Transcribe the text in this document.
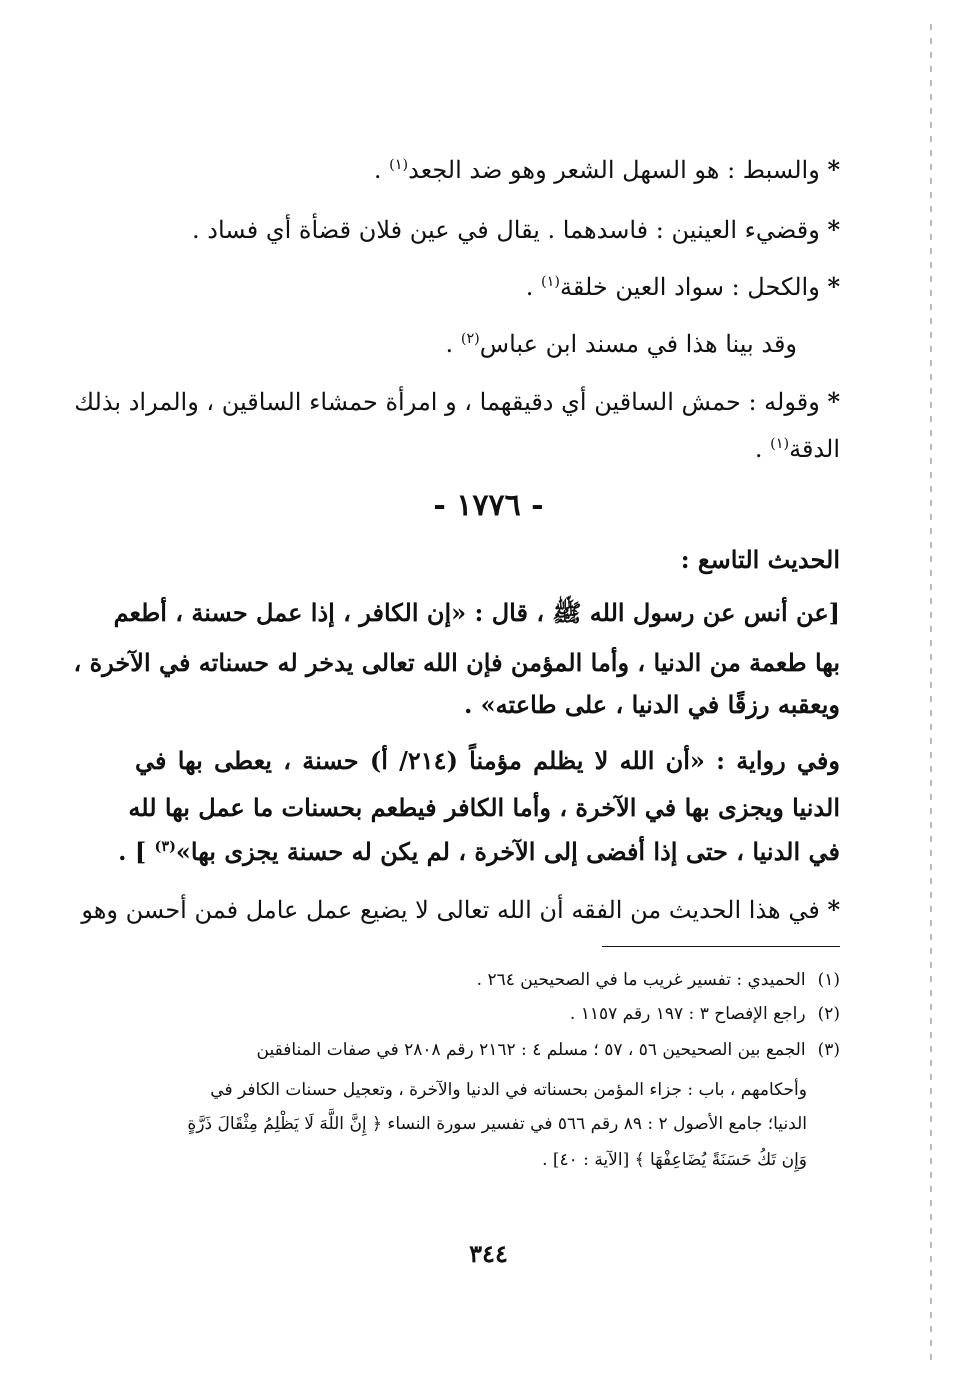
* والسبط : هو السهل الشعر وهو ضد الجعد$^{(١)}$ .
* وقضيء العينين : فاسدهما . يقال في عين فلان قضأة أي فساد .
* والكحل : سواد العين خلقة$^{(١)}$ .
وقد بينا هذا في مسند ابن عباس$^{(٢)}$ .
* وقوله : حمش الساقين أي دقيقهما ، و امرأة حمشاء الساقين ، والمراد بذلك
الدقة$^{(١)}$ .
- ١٧٧٦ -
الحديث التاسع :
[عن أنس عن رسول الله ﷺ ، قال : «إن الكافر ، إذا عمل حسنة ، أطعم
بها طعمة من الدنيا ، وأما المؤمن فإن الله تعالى يدخر له حسناته في الآخرة ،
ويعقبه رزقًا في الدنيا ، على طاعته» .
وفي رواية : «أن الله لا يظلم مؤمناً (٢١٤/ أ) حسنة ، يعطى بها في
الدنيا ويجزى بها في الآخرة ، وأما الكافر فيطعم بحسنات ما عمل بها لله
في الدنيا ، حتى إذا أفضى إلى الآخرة ، لم يكن له حسنة يجزى بها»$^{(٣)}$ ] .
* في هذا الحديث من الفقه أن الله تعالى لا يضيع عمل عامل فمن أحسن وهو
(١)الحميدي : تفسير غريب ما في الصحيحين ٢٦٤ .
(٢)راجع الإفصاح ٣ : ١٩٧ رقم ١١٥٧ .
(٣)الجمع بين الصحيحين ٥٦ ، ٥٧ ؛ مسلم ٤ : ٢١٦٢ رقم ٢٨٠٨ في صفات المنافقين
وأحكامهم ، باب : جزاء المؤمن بحسناته في الدنيا والآخرة ، وتعجيل حسنات الكافر في
الدنيا؛ جامع الأصول ٢ : ٨٩ رقم ٥٦٦ في تفسير سورة النساء ﴿ إِنَّ اللَّهَ لَا يَظْلِمُ مِثْقَالَ ذَرَّةٍ
وَإِن تَكُ حَسَنَةً يُضَاعِفْهَا ﴾ [الآية : ٤٠] .
٣٤٤
